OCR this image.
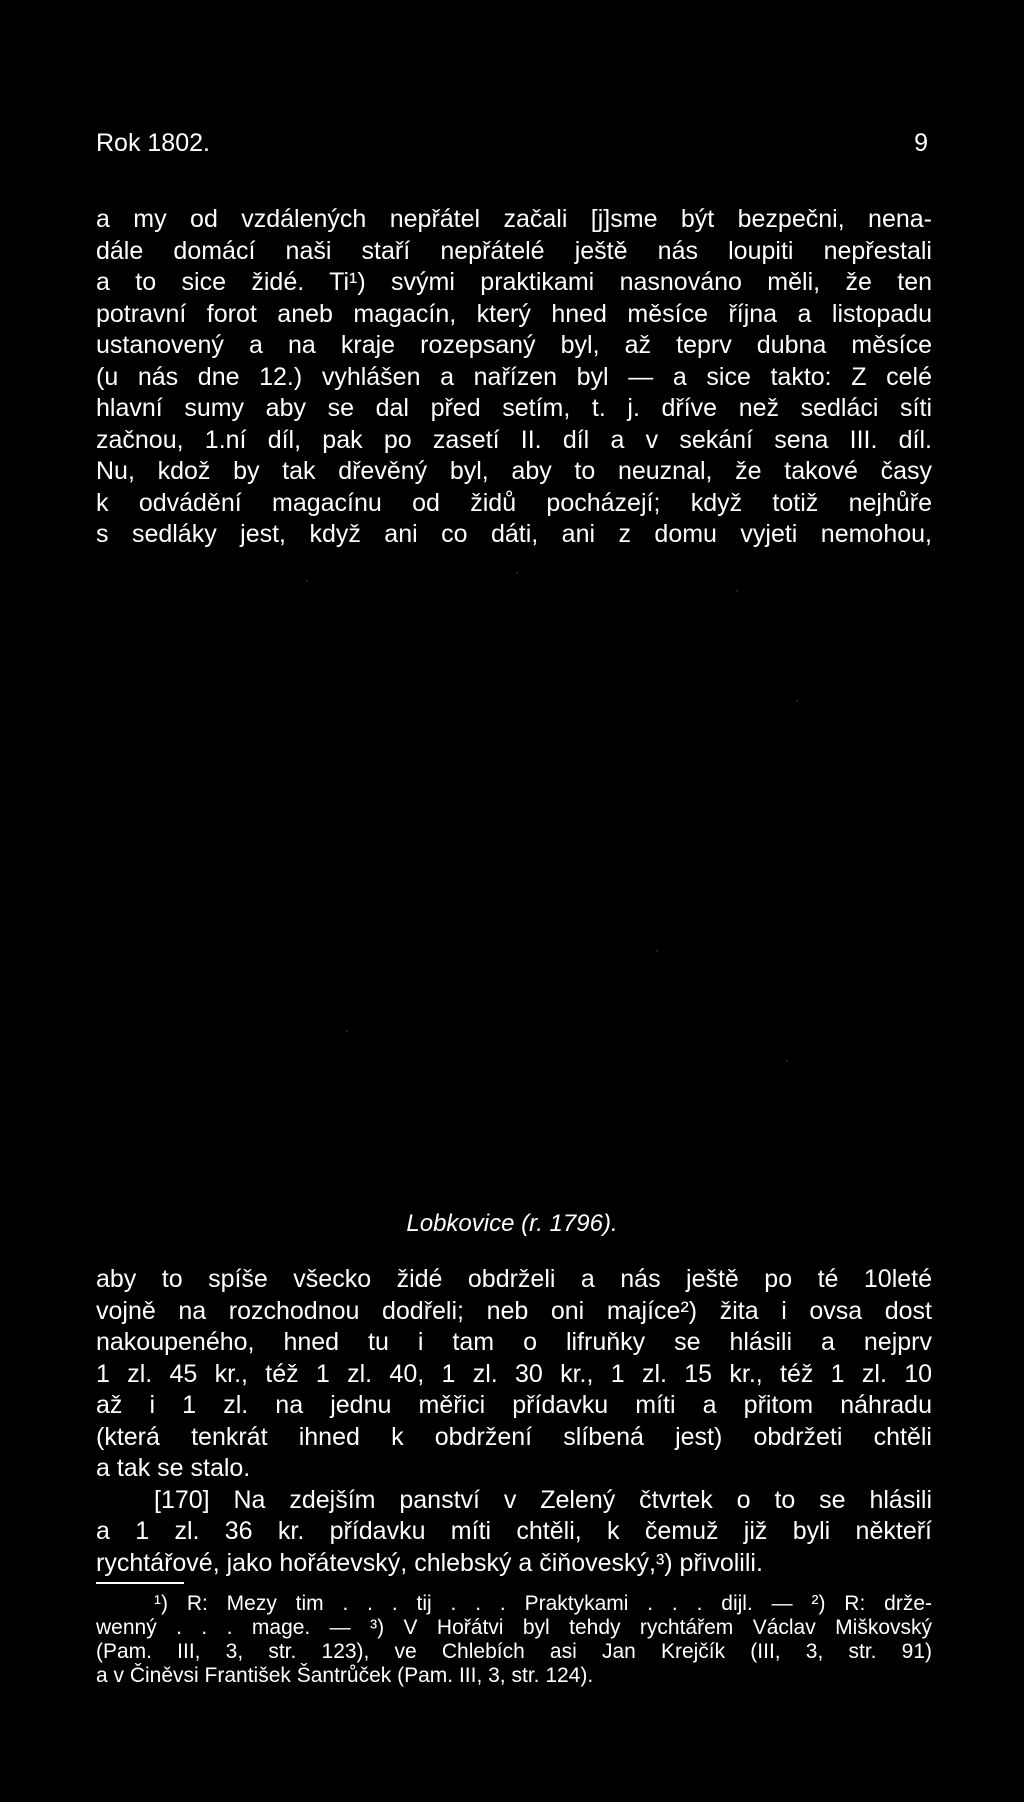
Rok 1802.	9
a my od vzdálených nepřátel začali [j]sme být bezpečni, nena-
dále domácí naši staří nepřátelé ještě nás loupiti nepřestali
a to sice židé. Ti¹) svými praktikami nasnováno měli, že ten
potravní forot aneb magacín, který hned měsíce října a listopadu
ustanovený a na kraje rozepsaný byl, až teprv dubna měsíce
(u nás dne 12.) vyhlášen a nařízen byl — a sice takto: Z celé
hlavní sumy aby se dal před setím, t. j. dříve než sedláci síti
začnou, 1.ní díl, pak po zasetí II. díl a v sekání sena III. díl.
Nu, kdož by tak dřevěný byl, aby to neuznal, že takové časy
k odvádění magacínu od židů pocházejí; když totiž nejhůře
s sedláky jest, když ani co dáti, ani z domu vyjeti nemohou,
Lobkovice (r. 1796).
aby to spíše všecko židé obdrželi a nás ještě po té 10leté
vojně na rozchodnou dodřeli; neb oni majíce²) žita i ovsa dost
nakoupeného, hned tu i tam o lifruňky se hlásili a nejprv
1 zl. 45 kr., též 1 zl. 40, 1 zl. 30 kr., 1 zl. 15 kr., též 1 zl. 10
až i 1 zl. na jednu měřici přídavku míti a přitom náhradu
(která tenkrát ihned k obdržení slíbená jest) obdržeti chtěli
a tak se stalo.
[170] Na zdejším panství v Zelený čtvrtek o to se hlásili
a 1 zl. 36 kr. přídavku míti chtěli, k čemuž již byli někteří
rychtářové, jako hořátevský, chlebský a čiňoveský,³) přivolili.
¹) R: Mezy tim . . . tij . . . Praktykami . . . dijl. — ²) R: drže-
wenný . . . mage. — ³) V Hořátvi byl tehdy rychtářem Václav Miškovský
(Pam. III, 3, str. 123), ve Chlebích asi Jan Krejčík (III, 3, str. 91)
a v Činěvsi František Šantrůček (Pam. III, 3, str. 124).
